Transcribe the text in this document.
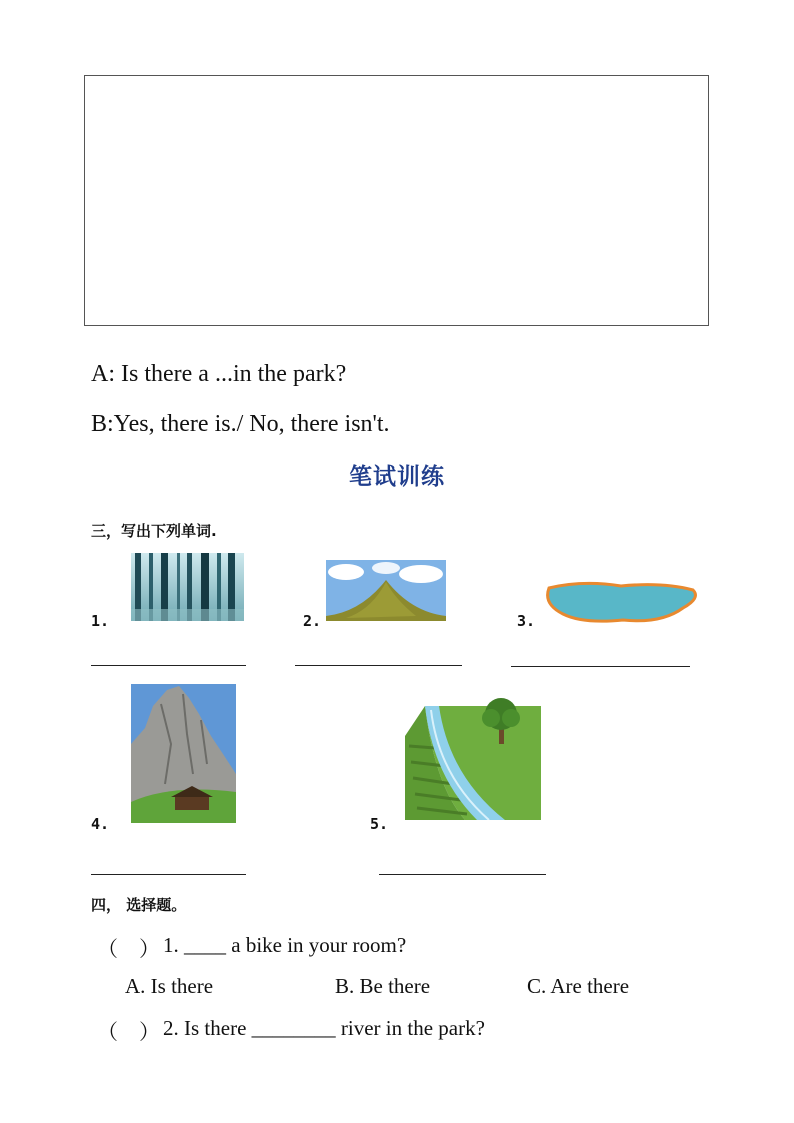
A: Is there a ...in the park?
B:Yes, there is./ No, there isn't.
笔试训练
三，写出下列单词.
1.	2.	3.
4.	5.
四， 选择题。
（　） 1. ____ a bike in your room?
A. Is there	B. Be there	C. Are there
（　） 2. Is there ________ river in the park?
